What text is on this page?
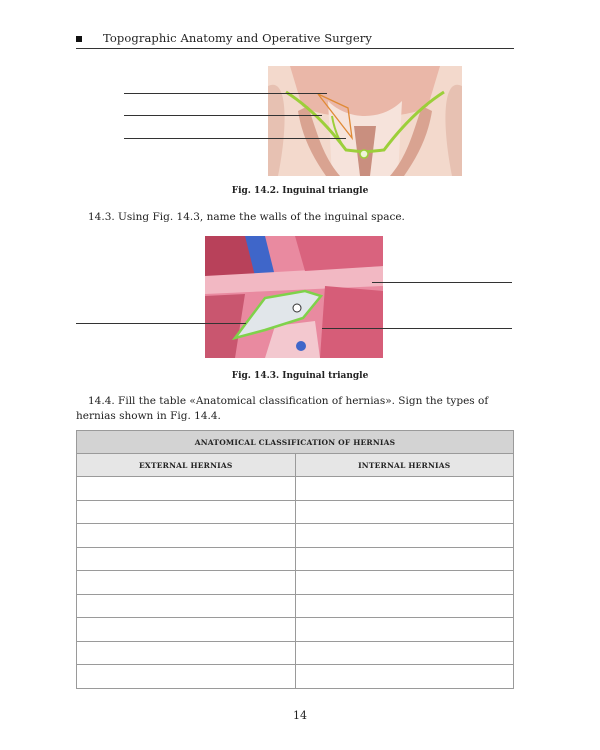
Topographic Anatomy and Operative Surgery
Fig. 14.2. Inguinal triangle
14.3. Using Fig. 14.3, name the walls of the inguinal space.
Fig. 14.3. Inguinal triangle
14.4. Fill the table «Anatomical classification of hernias». Sign the types of hernias shown in Fig. 14.4.
ANATOMICAL CLASSIFICATION OF HERNIAS	
EXTERNAL HERNIAS	INTERNAL HERNIAS

14
